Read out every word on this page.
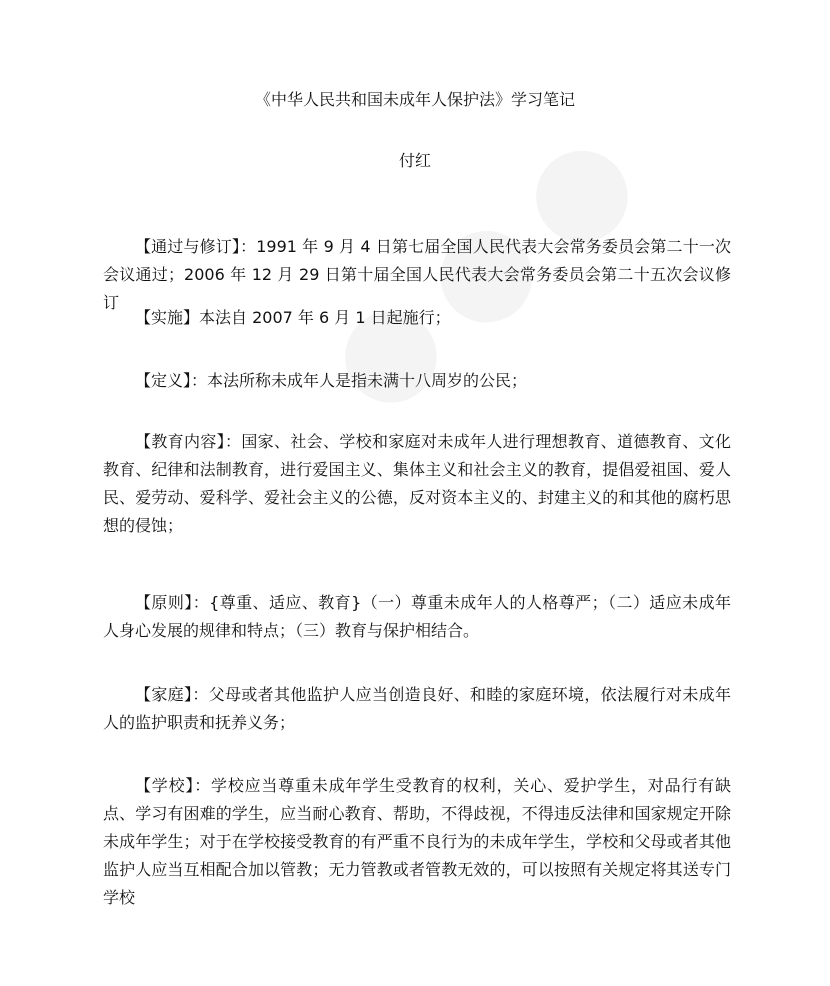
《中华人民共和国未成年人保护法》学习笔记
付红
【通过与修订】：1991 年 9 月 4 日第七届全国人民代表大会常务委员会第二十一次会议通过；2006 年 12 月 29 日第十届全国人民代表大会常务委员会第二十五次会议修订
【实施】本法自 2007 年 6 月 1 日起施行；
【定义】：本法所称未成年人是指未满十八周岁的公民；
【教育内容】：国家、社会、学校和家庭对未成年人进行理想教育、道德教育、文化教育、纪律和法制教育，进行爱国主义、集体主义和社会主义的教育，提倡爱祖国、爱人民、爱劳动、爱科学、爱社会主义的公德，反对资本主义的、封建主义的和其他的腐朽思想的侵蚀；
【原则】：{尊重、适应、教育}（一）尊重未成年人的人格尊严；（二）适应未成年人身心发展的规律和特点；（三）教育与保护相结合。
【家庭】：父母或者其他监护人应当创造良好、和睦的家庭环境，依法履行对未成年人的监护职责和抚养义务；
【学校】：学校应当尊重未成年学生受教育的权利，关心、爱护学生，对品行有缺点、学习有困难的学生，应当耐心教育、帮助，不得歧视，不得违反法律和国家规定开除未成年学生；对于在学校接受教育的有严重不良行为的未成年学生，学校和父母或者其他监护人应当互相配合加以管教；无力管教或者管教无效的，可以按照有关规定将其送专门学校
